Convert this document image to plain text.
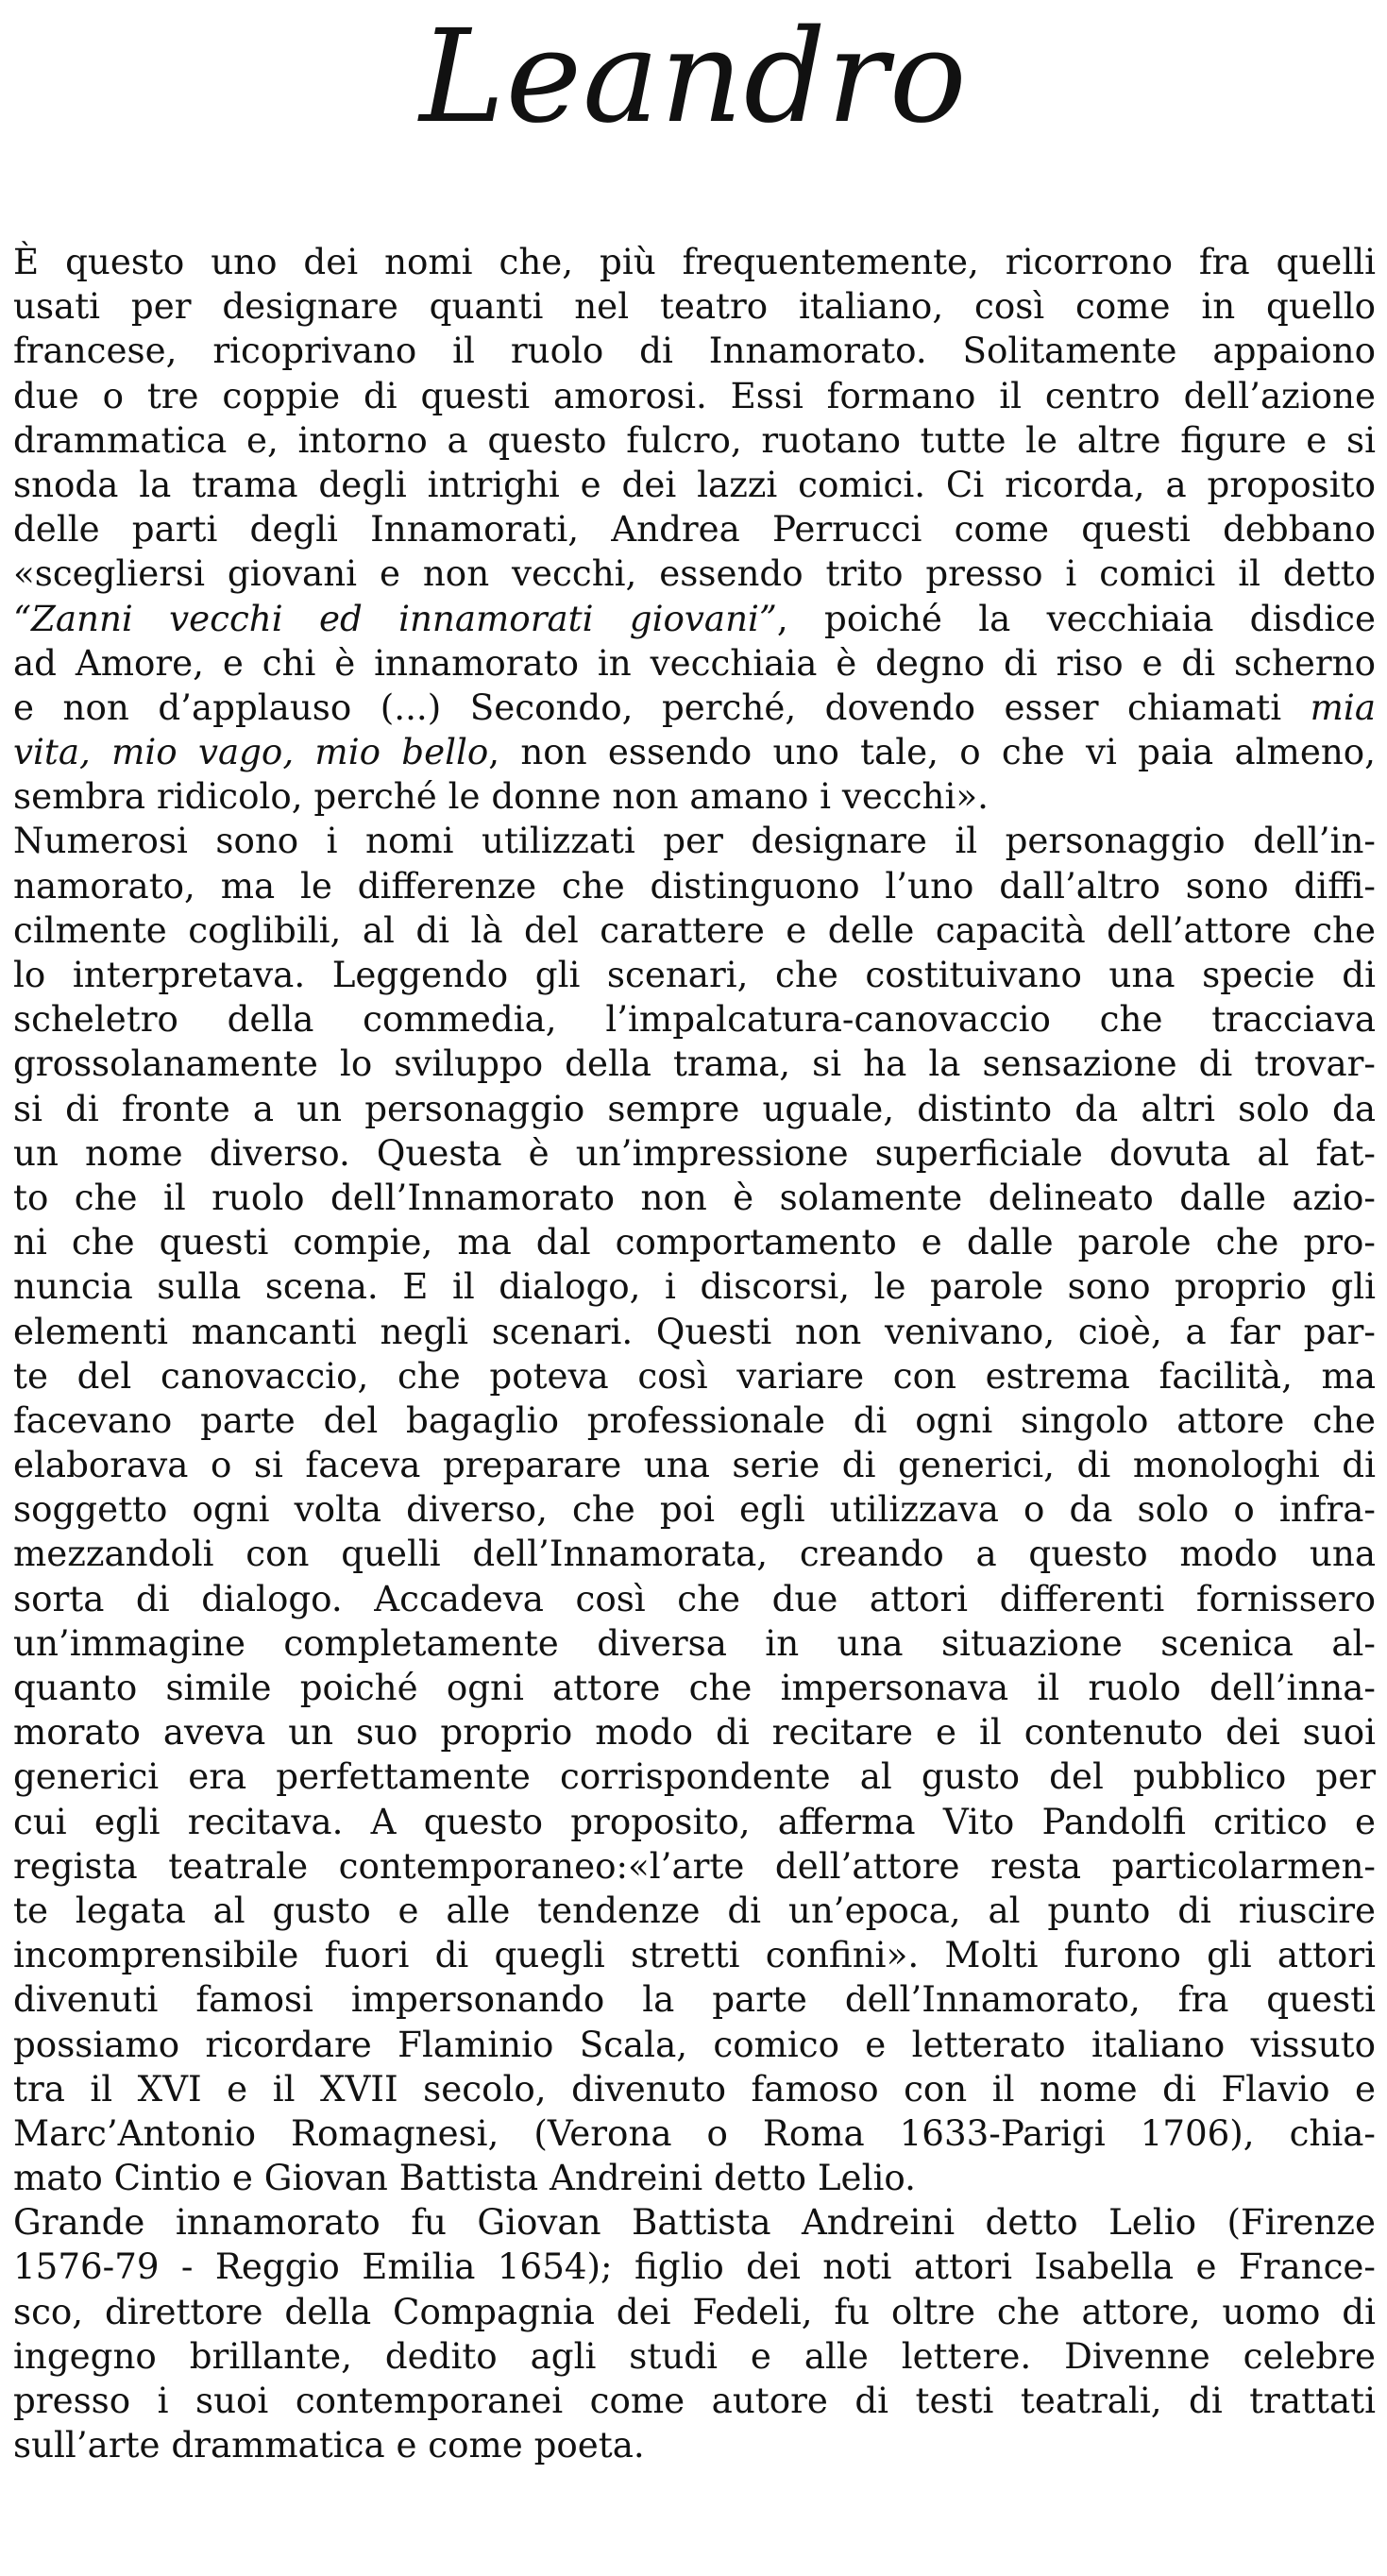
Leandro
È questo uno dei nomi che, più frequentemente, ricorrono fra quelli
usati per designare quanti nel teatro italiano, così come in quello
francese, ricoprivano il ruolo di Innamorato. Solitamente appaiono
due o tre coppie di questi amorosi. Essi formano il centro dell’azione
drammatica e, intorno a questo fulcro, ruotano tutte le altre figure e si
snoda la trama degli intrighi e dei lazzi comici. Ci ricorda, a proposito
delle parti degli Innamorati, Andrea Perrucci come questi debbano
«scegliersi giovani e non vecchi, essendo trito presso i comici il detto
“Zanni vecchi ed innamorati giovani”, poiché la vecchiaia disdice
ad Amore, e chi è innamorato in vecchiaia è degno di riso e di scherno
e non d’applauso (...) Secondo, perché, dovendo esser chiamati mia
vita, mio vago, mio bello, non essendo uno tale, o che vi paia almeno,
sembra ridicolo, perché le donne non amano i vecchi».
Numerosi sono i nomi utilizzati per designare il personaggio dell’in-
namorato, ma le differenze che distinguono l’uno dall’altro sono diffi-
cilmente coglibili, al di là del carattere e delle capacità dell’attore che
lo interpretava. Leggendo gli scenari, che costituivano una specie di
scheletro della commedia, l’impalcatura-canovaccio che tracciava
grossolanamente lo sviluppo della trama, si ha la sensazione di trovar-
si di fronte a un personaggio sempre uguale, distinto da altri solo da
un nome diverso. Questa è un’impressione superficiale dovuta al fat-
to che il ruolo dell’Innamorato non è solamente delineato dalle azio-
ni che questi compie, ma dal comportamento e dalle parole che pro-
nuncia sulla scena. E il dialogo, i discorsi, le parole sono proprio gli
elementi mancanti negli scenari. Questi non venivano, cioè, a far par-
te del canovaccio, che poteva così variare con estrema facilità, ma
facevano parte del bagaglio professionale di ogni singolo attore che
elaborava o si faceva preparare una serie di generici, di monologhi di
soggetto ogni volta diverso, che poi egli utilizzava o da solo o infra-
mezzandoli con quelli dell’Innamorata, creando a questo modo una
sorta di dialogo. Accadeva così che due attori differenti fornissero
un’immagine completamente diversa in una situazione scenica al-
quanto simile poiché ogni attore che impersonava il ruolo dell’inna-
morato aveva un suo proprio modo di recitare e il contenuto dei suoi
generici era perfettamente corrispondente al gusto del pubblico per
cui egli recitava. A questo proposito, afferma Vito Pandolfi critico e
regista teatrale contemporaneo:«l’arte dell’attore resta particolarmen-
te legata al gusto e alle tendenze di un’epoca, al punto di riuscire
incomprensibile fuori di quegli stretti confini». Molti furono gli attori
divenuti famosi impersonando la parte dell’Innamorato, fra questi
possiamo ricordare Flaminio Scala, comico e letterato italiano vissuto
tra il XVI e il XVII secolo, divenuto famoso con il nome di Flavio e
Marc’Antonio Romagnesi, (Verona o Roma 1633-Parigi 1706), chia-
mato Cintio e Giovan Battista Andreini detto Lelio.
Grande innamorato fu Giovan Battista Andreini detto Lelio (Firenze
1576-79 - Reggio Emilia 1654); figlio dei noti attori Isabella e France-
sco, direttore della Compagnia dei Fedeli, fu oltre che attore, uomo di
ingegno brillante, dedito agli studi e alle lettere. Divenne celebre
presso i suoi contemporanei come autore di testi teatrali, di trattati
sull’arte drammatica e come poeta.
